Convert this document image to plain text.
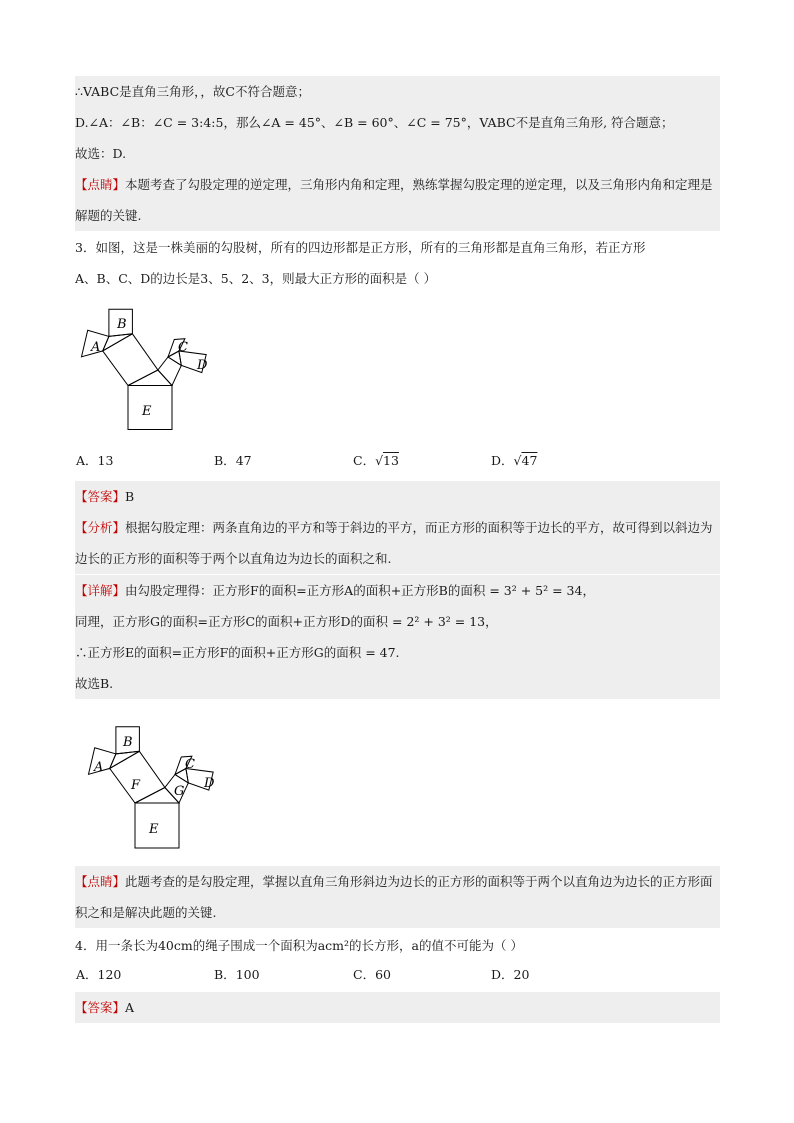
∴VABC是直角三角形，，故C不符合题意；
D.∠A：∠B：∠C = 3:4:5，那么∠A = 45°、∠B = 60°、∠C = 75°，VABC不是直角三角形, 符合题意；
故选：D.
【点睛】本题考查了勾股定理的逆定理，三角形内角和定理，熟练掌握勾股定理的逆定理，以及三角形内角和定理是解题的关键.
3．如图，这是一株美丽的勾股树，所有的四边形都是正方形，所有的三角形都是直角三角形，若正方形
A、B、C、D的边长是3、5、2、3，则最大正方形的面积是（ ）
E
A
B
C
D
A．13	B．47	C．√13	D．√47
【答案】B
【分析】根据勾股定理：两条直角边的平方和等于斜边的平方，而正方形的面积等于边长的平方，故可得到以斜边为边长的正方形的面积等于两个以直角边为边长的面积之和.
【详解】由勾股定理得：正方形F的面积=正方形A的面积+正方形B的面积 = 3² + 5² = 34，
同理，正方形G的面积=正方形C的面积+正方形D的面积 = 2² + 3² = 13，
∴正方形E的面积=正方形F的面积+正方形G的面积 = 47.
故选B.
E
A
B
C
D
F	G
【点睛】此题考查的是勾股定理，掌握以直角三角形斜边为边长的正方形的面积等于两个以直角边为边长的正方形面积之和是解决此题的关键.
4．用一条长为40cm的绳子围成一个面积为acm²的长方形，a的值不可能为（ ）
A．120	B．100	C．60	D．20
【答案】A
